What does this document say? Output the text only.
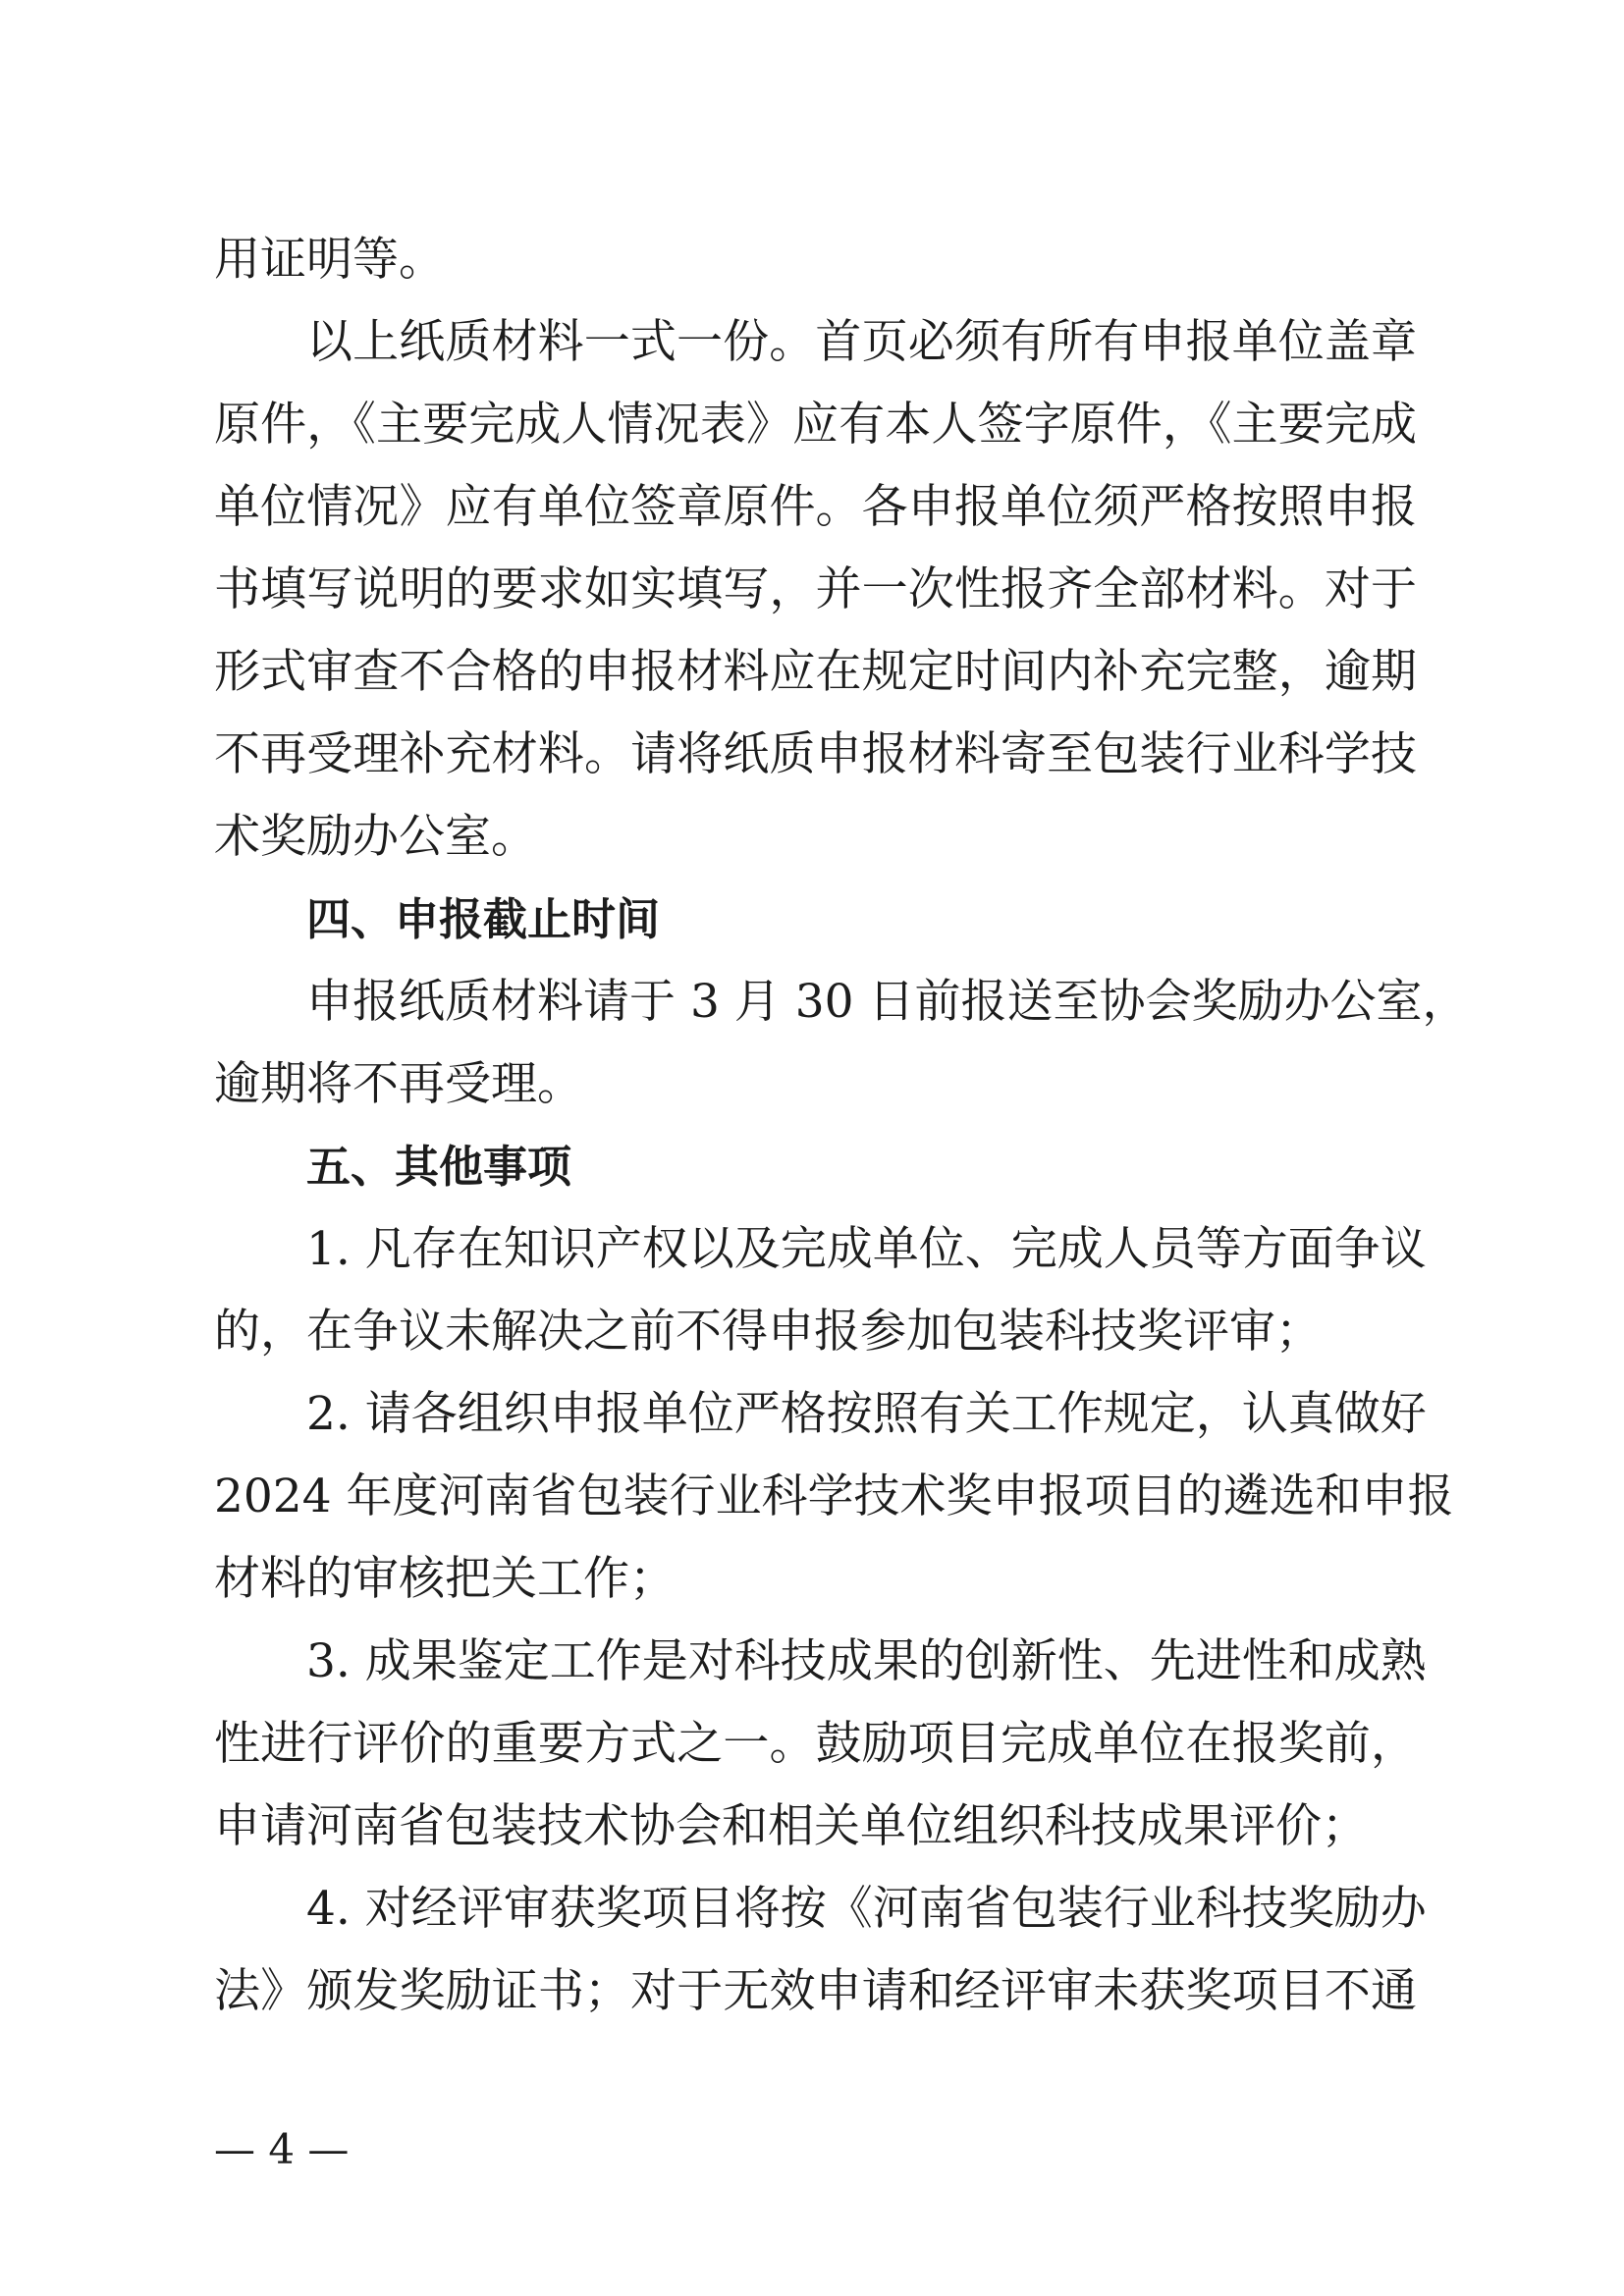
用证明等。
以上纸质材料一式一份。首页必须有所有申报单位盖章
原件，《主要完成人情况表》应有本人签字原件，《主要完成
单位情况》应有单位签章原件。各申报单位须严格按照申报
书填写说明的要求如实填写，并一次性报齐全部材料。对于
形式审查不合格的申报材料应在规定时间内补充完整，逾期
不再受理补充材料。请将纸质申报材料寄至包装行业科学技
术奖励办公室。
四、申报截止时间
申报纸质材料请于 3 月 30 日前报送至协会奖励办公室，
逾期将不再受理。
五、其他事项
1. 凡存在知识产权以及完成单位、完成人员等方面争议
的，在争议未解决之前不得申报参加包装科技奖评审；
2. 请各组织申报单位严格按照有关工作规定，认真做好
2024 年度河南省包装行业科学技术奖申报项目的遴选和申报
材料的审核把关工作；
3. 成果鉴定工作是对科技成果的创新性、先进性和成熟
性进行评价的重要方式之一。鼓励项目完成单位在报奖前，
申请河南省包装技术协会和相关单位组织科技成果评价；
4. 对经评审获奖项目将按《河南省包装行业科技奖励办
法》颁发奖励证书；对于无效申请和经评审未获奖项目不通
— 4 —
